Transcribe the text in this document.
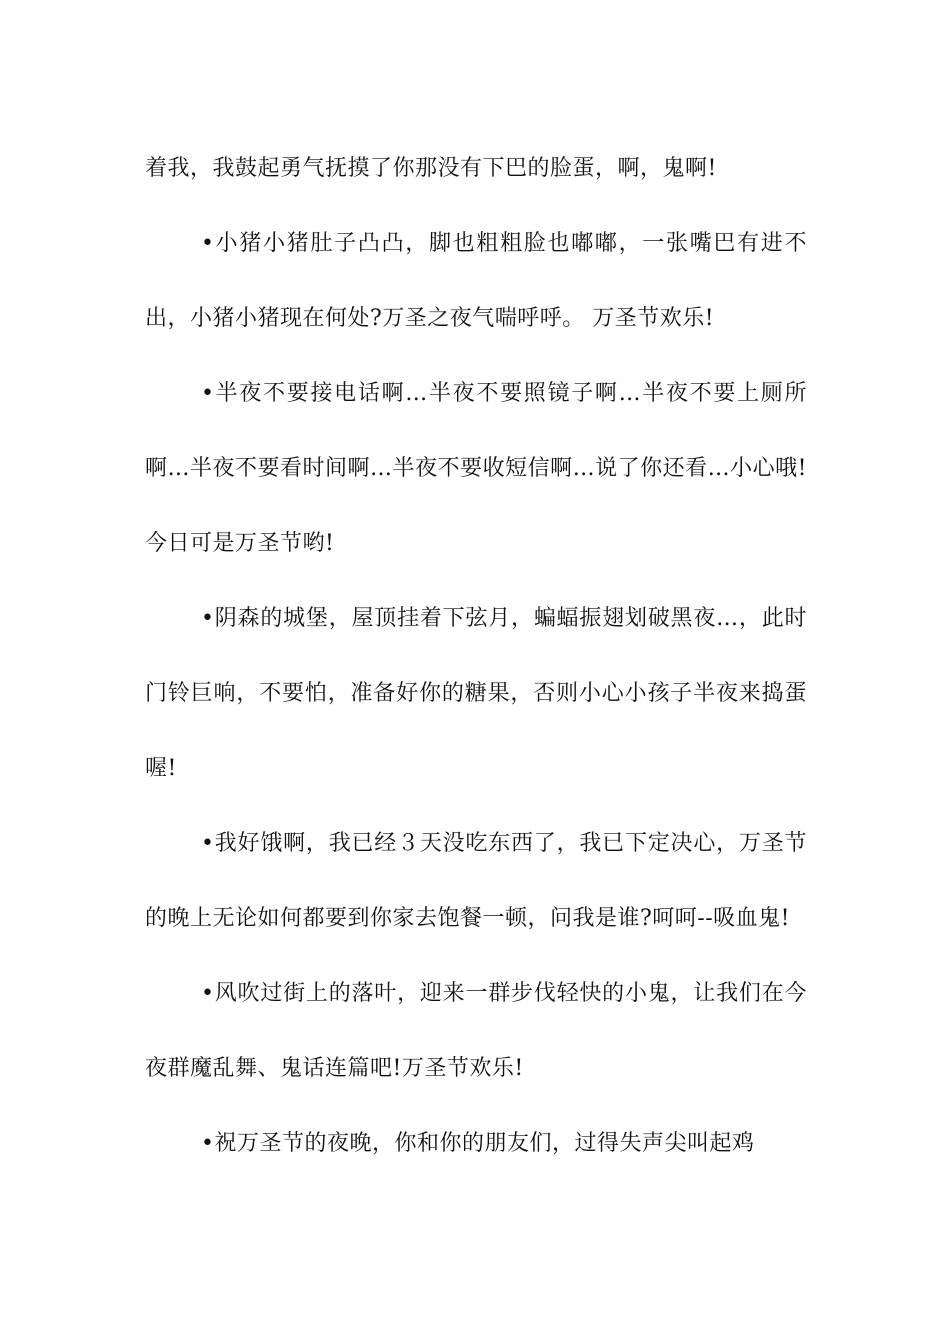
着我，我鼓起勇气抚摸了你那没有下巴的脸蛋，啊，鬼啊!

•小猪小猪肚子凸凸，脚也粗粗脸也嘟嘟，一张嘴巴有进不出，小猪小猪现在何处?万圣之夜气喘呼呼。 万圣节欢乐!

•半夜不要接电话啊…半夜不要照镜子啊…半夜不要上厕所啊…半夜不要看时间啊…半夜不要收短信啊…说了你还看…小心哦!今日可是万圣节哟!

•阴森的城堡，屋顶挂着下弦月，蝙蝠振翅划破黑夜…，此时门铃巨响，不要怕，准备好你的糖果，否则小心小孩子半夜来捣蛋喔!

•我好饿啊，我已经３天没吃东西了，我已下定决心，万圣节的晚上无论如何都要到你家去饱餐一顿，问我是谁?呵呵--吸血鬼!

•风吹过街上的落叶，迎来一群步伐轻快的小鬼，让我们在今夜群魔乱舞、鬼话连篇吧!万圣节欢乐!

•祝万圣节的夜晚，你和你的朋友们，过得失声尖叫起鸡
